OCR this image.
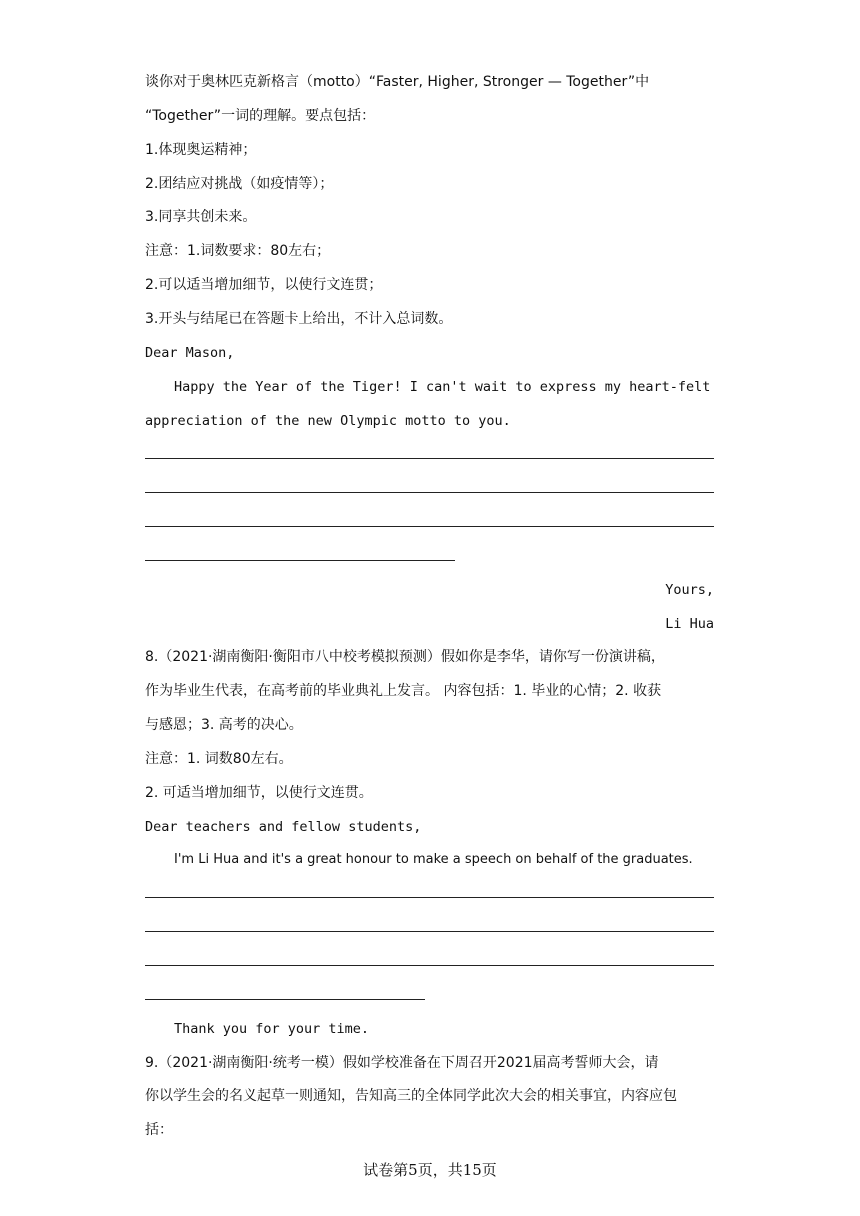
谈你对于奥林匹克新格言（motto）“Faster, Higher, Stronger — Together”中
“Together”一词的理解。要点包括：
1.体现奥运精神；
2.团结应对挑战（如疫情等）；
3.同享共创未来。
注意：1.词数要求：80左右；
2.可以适当增加细节，以使行文连贯；
3.开头与结尾已在答题卡上给出，不计入总词数。
Dear Mason,
Happy the Year of the Tiger! I can't wait to express my heart-felt
appreciation of the new Olympic motto to you.
Yours,
Li Hua
8.（2021·湖南衡阳·衡阳市八中校考模拟预测）假如你是李华，请你写一份演讲稿，
作为毕业生代表，在高考前的毕业典礼上发言。 内容包括：1. 毕业的心情；2. 收获
与感恩；3. 高考的决心。
注意：1. 词数80左右。
2. 可适当增加细节，以使行文连贯。
Dear teachers and fellow students,
I'm Li Hua and it's a great honour to make a speech on behalf of the graduates.
Thank you for your time.
9.（2021·湖南衡阳·统考一模）假如学校准备在下周召开2021届高考誓师大会，请
你以学生会的名义起草一则通知，告知高三的全体同学此次大会的相关事宜，内容应包
括：
试卷第5页，共15页
